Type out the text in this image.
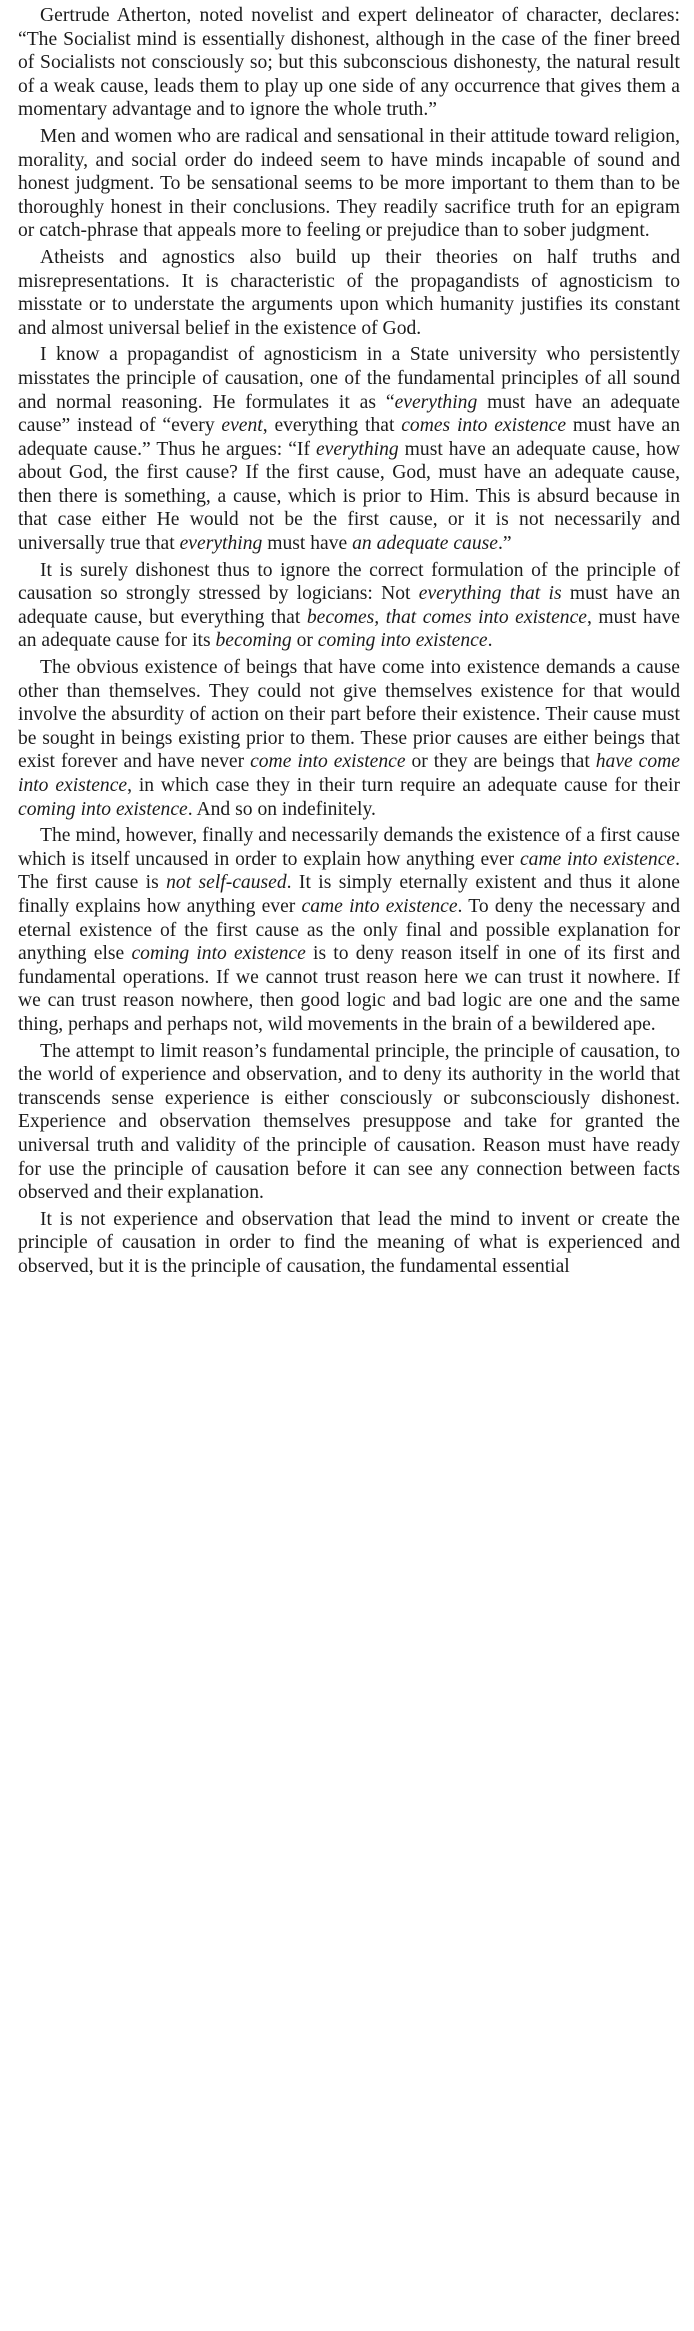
Gertrude Atherton, noted novelist and expert delineator of character, declares: “The Socialist mind is essentially dishonest, although in the case of the finer breed of Socialists not consciously so; but this subconscious dishonesty, the natural result of a weak cause, leads them to play up one side of any occurrence that gives them a momentary advantage and to ignore the whole truth.”

Men and women who are radical and sensational in their attitude toward religion, morality, and social order do indeed seem to have minds incapable of sound and honest judgment. To be sensational seems to be more important to them than to be thoroughly honest in their conclusions. They readily sacrifice truth for an epigram or catch-phrase that appeals more to feeling or prejudice than to sober judgment.

Atheists and agnostics also build up their theories on half truths and misrepresentations. It is characteristic of the propagandists of agnosticism to misstate or to understate the arguments upon which humanity justifies its constant and almost universal belief in the existence of God.

I know a propagandist of agnosticism in a State university who persistently misstates the principle of causation, one of the fundamental principles of all sound and normal reasoning. He formulates it as “everything must have an adequate cause” instead of “every event, everything that comes into existence must have an adequate cause.” Thus he argues: “If everything must have an adequate cause, how about God, the first cause? If the first cause, God, must have an adequate cause, then there is something, a cause, which is prior to Him. This is absurd because in that case either He would not be the first cause, or it is not necessarily and universally true that everything must have an adequate cause.”

It is surely dishonest thus to ignore the correct formulation of the principle of causation so strongly stressed by logicians: Not everything that is must have an adequate cause, but everything that becomes, that comes into existence, must have an adequate cause for its becoming or coming into existence.

The obvious existence of beings that have come into existence demands a cause other than themselves. They could not give themselves existence for that would involve the absurdity of action on their part before their existence. Their cause must be sought in beings existing prior to them. These prior causes are either beings that exist forever and have never come into existence or they are beings that have come into existence, in which case they in their turn require an adequate cause for their coming into existence. And so on indefinitely.

The mind, however, finally and necessarily demands the existence of a first cause which is itself uncaused in order to explain how anything ever came into existence. The first cause is not self-caused. It is simply eternally existent and thus it alone finally explains how anything ever came into existence. To deny the necessary and eternal existence of the first cause as the only final and possible explanation for anything else coming into existence is to deny reason itself in one of its first and fundamental operations. If we cannot trust reason here we can trust it nowhere. If we can trust reason nowhere, then good logic and bad logic are one and the same thing, perhaps and perhaps not, wild movements in the brain of a bewildered ape.

The attempt to limit reason’s fundamental principle, the principle of causation, to the world of experience and observation, and to deny its authority in the world that transcends sense experience is either consciously or subconsciously dishonest. Experience and observation themselves presuppose and take for granted the universal truth and validity of the principle of causation. Reason must have ready for use the principle of causation before it can see any connection between facts observed and their explanation.

It is not experience and observation that lead the mind to invent or create the principle of causation in order to find the meaning of what is experienced and observed, but it is the principle of causation, the fundamental essential
